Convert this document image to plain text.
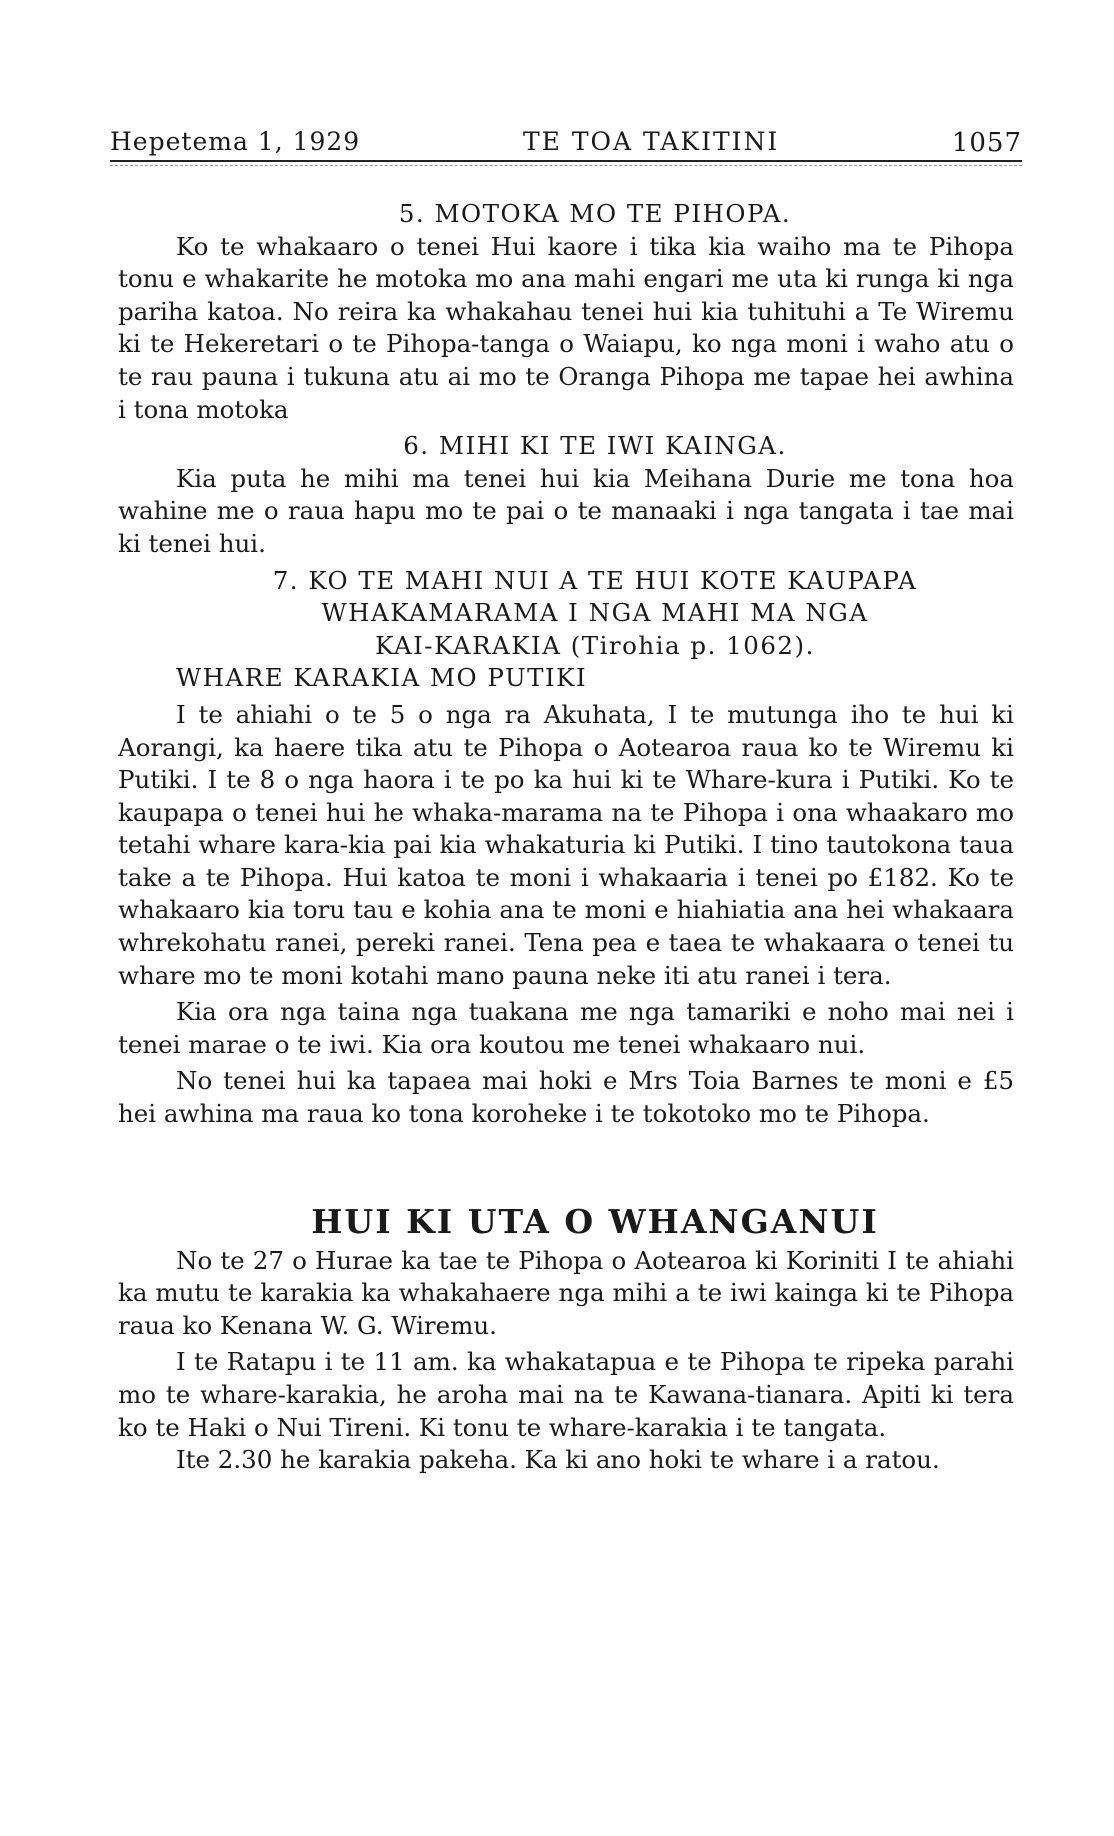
Hepetema 1, 1929	TE TOA TAKITINI	1057

5. MOTOKA MO TE PIHOPA.

Ko te whakaaro o tenei Hui kaore i tika kia waiho ma te Pihopa tonu e whakarite he motoka mo ana mahi engari me uta ki runga ki nga pariha katoa. No reira ka whakahau tenei hui kia tuhituhi a Te Wiremu ki te Hekeretari o te Pihopa-tanga o Waiapu, ko nga moni i waho atu o te rau pauna i tukuna atu ai mo te Oranga Pihopa me tapae hei awhina i tona motoka

6. MIHI KI TE IWI KAINGA.

Kia puta he mihi ma tenei hui kia Meihana Durie me tona hoa wahine me o raua hapu mo te pai o te manaaki i nga tangata i tae mai ki tenei hui.

7. KO TE MAHI NUI A TE HUI KOTE KAUPAPA

WHAKAMARAMA I NGA MAHI MA NGA

KAI-KARAKIA (Tirohia p. 1062).

WHARE KARAKIA MO PUTIKI

I te ahiahi o te 5 o nga ra Akuhata, I te mutunga iho te hui ki Aorangi, ka haere tika atu te Pihopa o Aotearoa raua ko te Wiremu ki Putiki. I te 8 o nga haora i te po ka hui ki te Whare-kura i Putiki. Ko te kaupapa o tenei hui he whaka-marama na te Pihopa i ona whaakaro mo tetahi whare kara-kia pai kia whakaturia ki Putiki. I tino tautokona taua take a te Pihopa. Hui katoa te moni i whakaaria i tenei po £182. Ko te whakaaro kia toru tau e kohia ana te moni e hiahiatia ana hei whakaara whrekohatu ranei, pereki ranei. Tena pea e taea te whakaara o tenei tu whare mo te moni kotahi mano pauna neke iti atu ranei i tera.

Kia ora nga taina nga tuakana me nga tamariki e noho mai nei i tenei marae o te iwi. Kia ora koutou me tenei whakaaro nui.

No tenei hui ka tapaea mai hoki e Mrs Toia Barnes te moni e £5 hei awhina ma raua ko tona koroheke i te tokotoko mo te Pihopa.

HUI KI UTA O WHANGANUI

No te 27 o Hurae ka tae te Pihopa o Aotearoa ki Koriniti I te ahiahi ka mutu te karakia ka whakahaere nga mihi a te iwi kainga ki te Pihopa raua ko Kenana W. G. Wiremu.

I te Ratapu i te 11 am. ka whakatapua e te Pihopa te ripeka parahi mo te whare-karakia, he aroha mai na te Kawana-tianara. Apiti ki tera ko te Haki o Nui Tireni. Ki tonu te whare-karakia i te tangata.

Ite 2.30 he karakia pakeha. Ka ki ano hoki te whare i a ratou.
